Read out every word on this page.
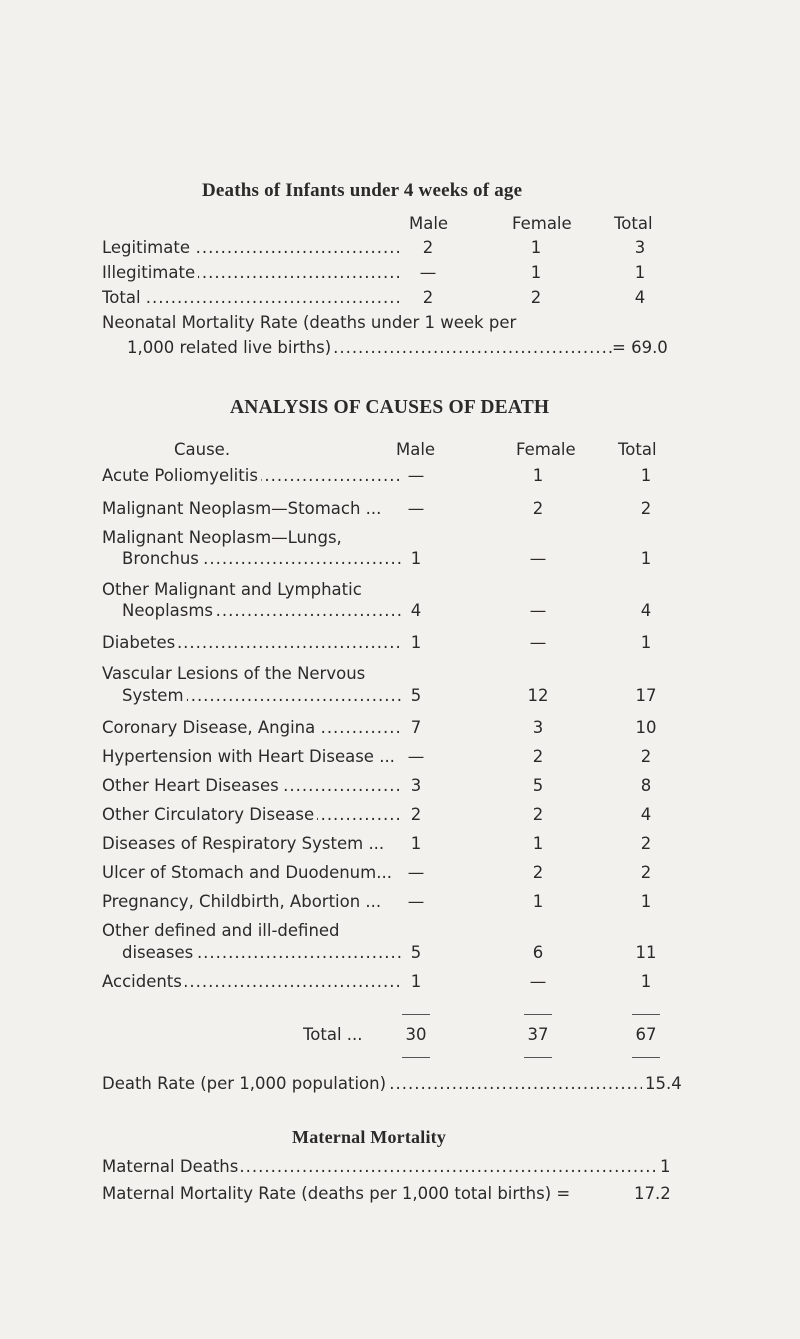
Deaths of Infants under 4 weeks of age
Male	Female	Total
Legitimate .....	2	1	3
Illegitimate .....	—	1	1
Total .....	2	2	4
Neonatal Mortality Rate (deaths under 1 week per
1,000 related live births) .....	= 69.0
ANALYSIS OF CAUSES OF DEATH
Cause.	Male	Female	Total
Acute Poliomyelitis .....	—	1	1
Malignant Neoplasm—Stomach ...	—	2	2
Malignant Neoplasm—Lungs,
Bronchus .....	1	—	1
Other Malignant and Lymphatic
Neoplasms .....	4	—	4
Diabetes .....	1	—	1
Vascular Lesions of the Nervous
System .....	5	12	17
Coronary Disease, Angina .....	7	3	10
Hypertension with Heart Disease ... —	2	2
Other Heart Diseases .....	3	5	8
Other Circulatory Disease .....	2	2	4
Diseases of Respiratory System ...	1	1	2
Ulcer of Stomach and Duodenum... —	2	2
Pregnancy, Childbirth, Abortion ...	—	1	1
Other defined and ill-defined
diseases .....	5	6	11
Accidents .....	1	—	1
Total ...	30	37	67
Death Rate (per 1,000 population) .....	15.4
Maternal Mortality
Maternal Deaths .....	1
Maternal Mortality Rate (deaths per 1,000 total births) =	17.2
